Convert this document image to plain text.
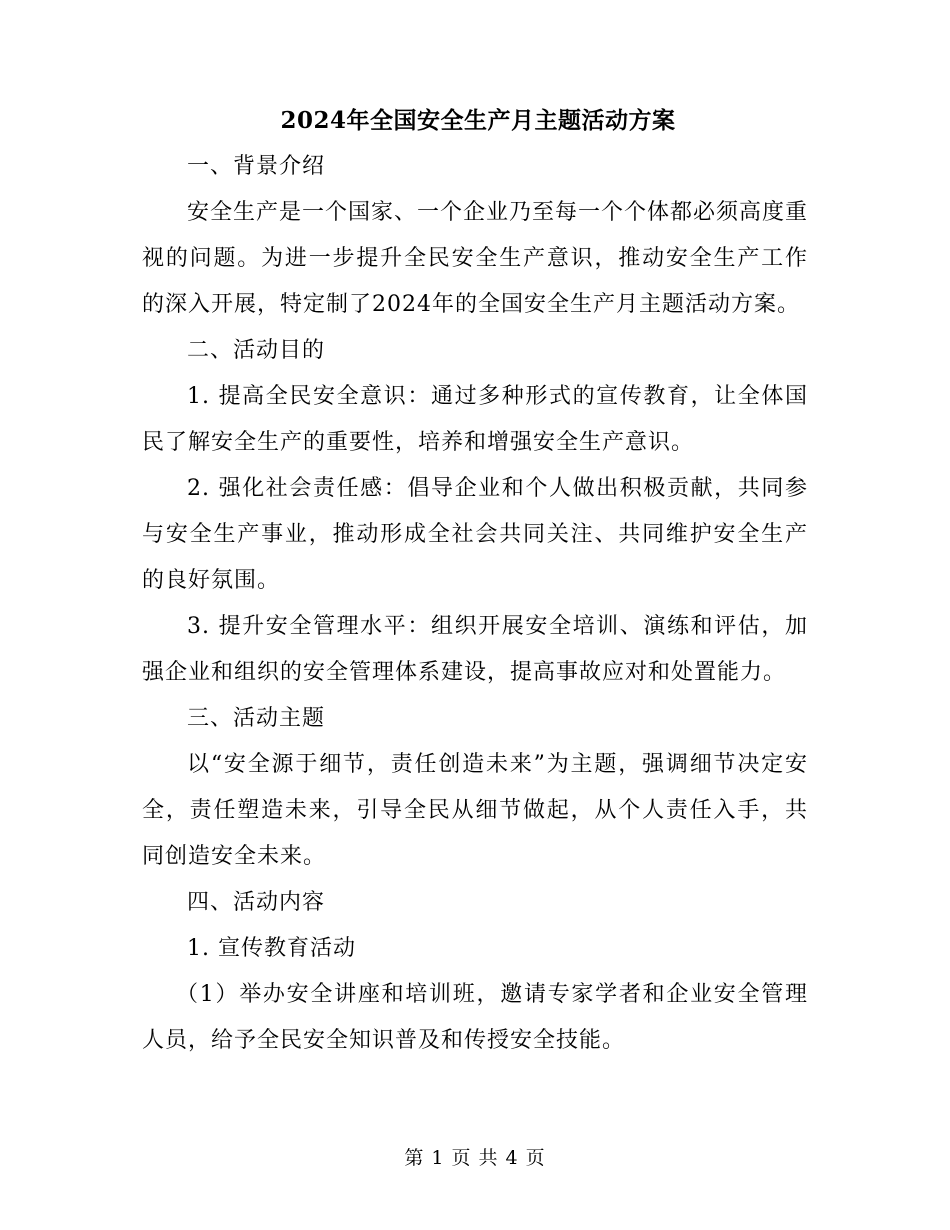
2024年全国安全生产月主题活动方案

一、背景介绍

安全生产是一个国家、一个企业乃至每一个个体都必须高度重视的问题。为进一步提升全民安全生产意识，推动安全生产工作的深入开展，特定制了2024年的全国安全生产月主题活动方案。

二、活动目的

1. 提高全民安全意识：通过多种形式的宣传教育，让全体国民了解安全生产的重要性，培养和增强安全生产意识。

2. 强化社会责任感：倡导企业和个人做出积极贡献，共同参与安全生产事业，推动形成全社会共同关注、共同维护安全生产的良好氛围。

3. 提升安全管理水平：组织开展安全培训、演练和评估，加强企业和组织的安全管理体系建设，提高事故应对和处置能力。

三、活动主题

以“安全源于细节，责任创造未来”为主题，强调细节决定安全，责任塑造未来，引导全民从细节做起，从个人责任入手，共同创造安全未来。

四、活动内容

1. 宣传教育活动

（1）举办安全讲座和培训班，邀请专家学者和企业安全管理人员，给予全民安全知识普及和传授安全技能。

第 1 页 共 4 页
